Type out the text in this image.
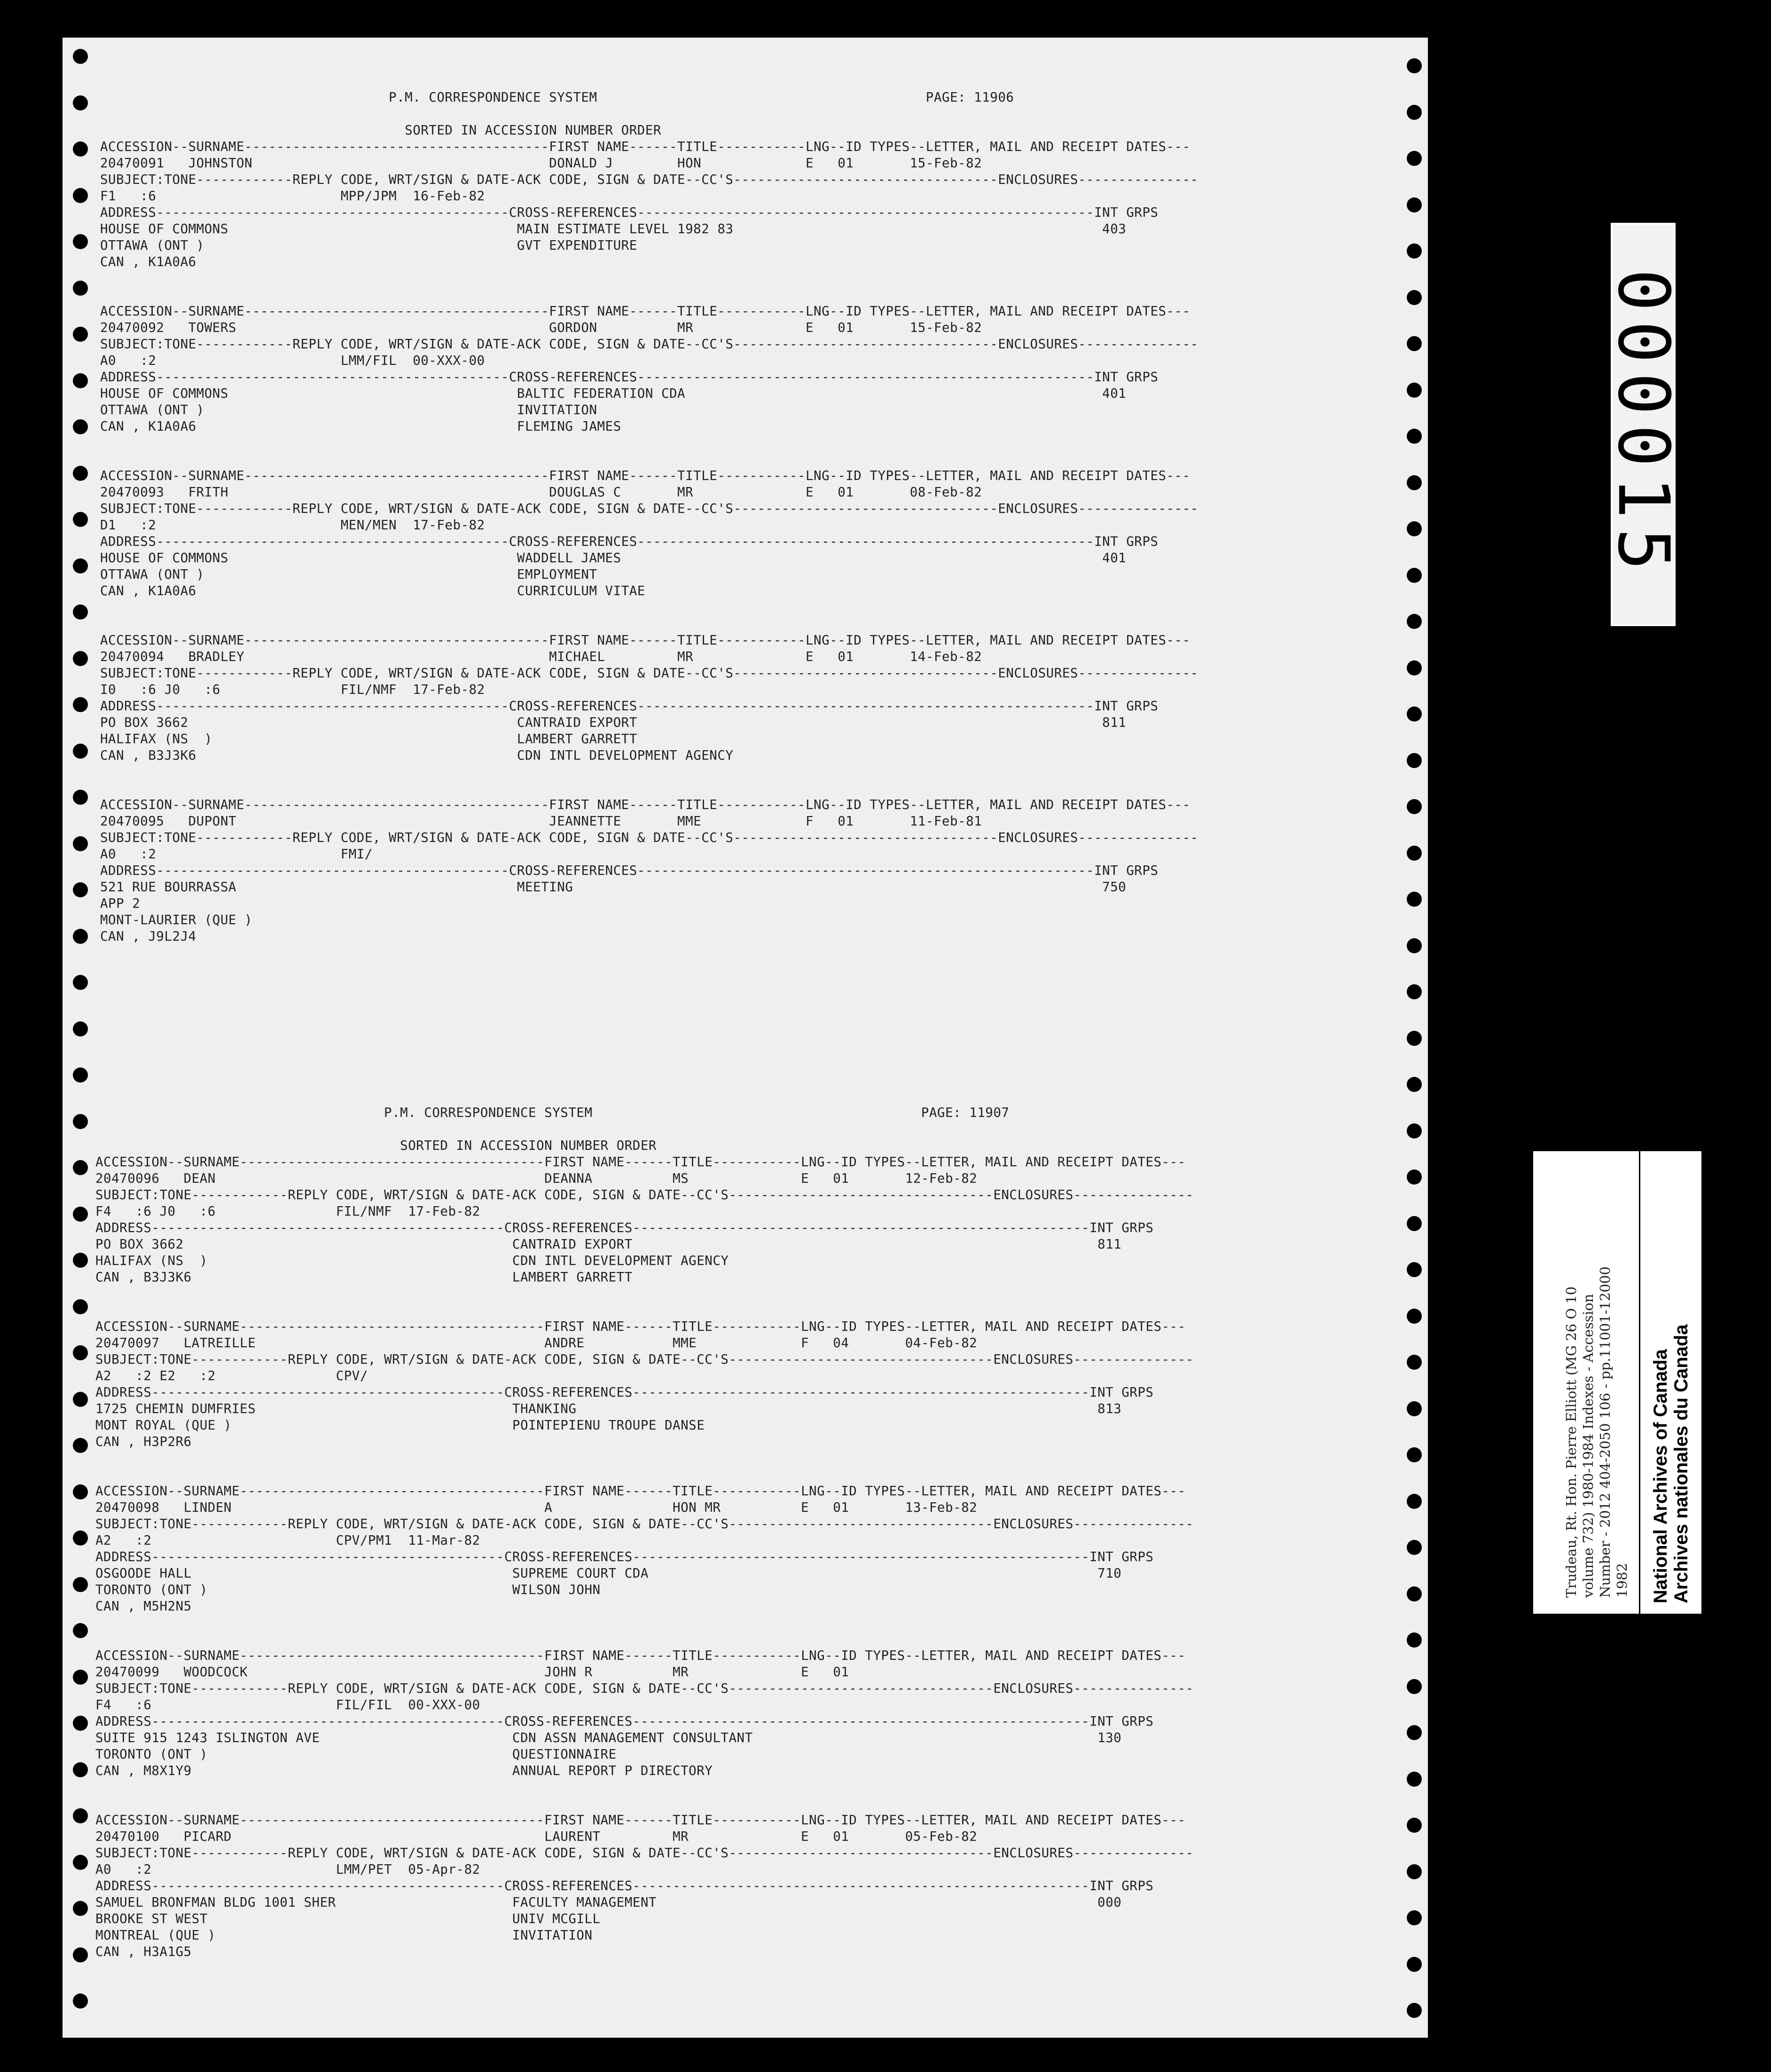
P.M. CORRESPONDENCE SYSTEM                                         PAGE: 11906
SORTED IN ACCESSION NUMBER ORDER
ACCESSION--SURNAME--------------------------------------FIRST NAME------TITLE-----------LNG--ID TYPES--LETTER, MAIL AND RECEIPT DATES---
20470091   JOHNSTON                                     DONALD J        HON             E   01       15-Feb-82
SUBJECT:TONE------------REPLY CODE, WRT/SIGN & DATE-ACK CODE, SIGN & DATE--CC'S---------------------------------ENCLOSURES---------------
F1   :6                       MPP/JPM  16-Feb-82
ADDRESS--------------------------------------------CROSS-REFERENCES---------------------------------------------------------INT GRPS
HOUSE OF COMMONS                                    MAIN ESTIMATE LEVEL 1982 83                                              403
OTTAWA (ONT )                                       GVT EXPENDITURE
CAN , K1A0A6
ACCESSION--SURNAME--------------------------------------FIRST NAME------TITLE-----------LNG--ID TYPES--LETTER, MAIL AND RECEIPT DATES---
20470092   TOWERS                                       GORDON          MR              E   01       15-Feb-82
SUBJECT:TONE------------REPLY CODE, WRT/SIGN & DATE-ACK CODE, SIGN & DATE--CC'S---------------------------------ENCLOSURES---------------
A0   :2                       LMM/FIL  00-XXX-00
ADDRESS--------------------------------------------CROSS-REFERENCES---------------------------------------------------------INT GRPS
HOUSE OF COMMONS                                    BALTIC FEDERATION CDA                                                    401
OTTAWA (ONT )                                       INVITATION
CAN , K1A0A6                                        FLEMING JAMES
ACCESSION--SURNAME--------------------------------------FIRST NAME------TITLE-----------LNG--ID TYPES--LETTER, MAIL AND RECEIPT DATES---
20470093   FRITH                                        DOUGLAS C       MR              E   01       08-Feb-82
SUBJECT:TONE------------REPLY CODE, WRT/SIGN & DATE-ACK CODE, SIGN & DATE--CC'S---------------------------------ENCLOSURES---------------
D1   :2                       MEN/MEN  17-Feb-82
ADDRESS--------------------------------------------CROSS-REFERENCES---------------------------------------------------------INT GRPS
HOUSE OF COMMONS                                    WADDELL JAMES                                                            401
OTTAWA (ONT )                                       EMPLOYMENT
CAN , K1A0A6                                        CURRICULUM VITAE
ACCESSION--SURNAME--------------------------------------FIRST NAME------TITLE-----------LNG--ID TYPES--LETTER, MAIL AND RECEIPT DATES---
20470094   BRADLEY                                      MICHAEL         MR              E   01       14-Feb-82
SUBJECT:TONE------------REPLY CODE, WRT/SIGN & DATE-ACK CODE, SIGN & DATE--CC'S---------------------------------ENCLOSURES---------------
I0   :6 J0   :6               FIL/NMF  17-Feb-82
ADDRESS--------------------------------------------CROSS-REFERENCES---------------------------------------------------------INT GRPS
PO BOX 3662                                         CANTRAID EXPORT                                                          811
HALIFAX (NS  )                                      LAMBERT GARRETT
CAN , B3J3K6                                        CDN INTL DEVELOPMENT AGENCY
ACCESSION--SURNAME--------------------------------------FIRST NAME------TITLE-----------LNG--ID TYPES--LETTER, MAIL AND RECEIPT DATES---
20470095   DUPONT                                       JEANNETTE       MME             F   01       11-Feb-81
SUBJECT:TONE------------REPLY CODE, WRT/SIGN & DATE-ACK CODE, SIGN & DATE--CC'S---------------------------------ENCLOSURES---------------
A0   :2                       FMI/
ADDRESS--------------------------------------------CROSS-REFERENCES---------------------------------------------------------INT GRPS
521 RUE BOURRASSA                                   MEETING                                                                  750
APP 2
MONT-LAURIER (QUE )
CAN , J9L2J4
P.M. CORRESPONDENCE SYSTEM                                         PAGE: 11907
SORTED IN ACCESSION NUMBER ORDER
ACCESSION--SURNAME--------------------------------------FIRST NAME------TITLE-----------LNG--ID TYPES--LETTER, MAIL AND RECEIPT DATES---
20470096   DEAN                                         DEANNA          MS              E   01       12-Feb-82
SUBJECT:TONE------------REPLY CODE, WRT/SIGN & DATE-ACK CODE, SIGN & DATE--CC'S---------------------------------ENCLOSURES---------------
F4   :6 J0   :6               FIL/NMF  17-Feb-82
ADDRESS--------------------------------------------CROSS-REFERENCES---------------------------------------------------------INT GRPS
PO BOX 3662                                         CANTRAID EXPORT                                                          811
HALIFAX (NS  )                                      CDN INTL DEVELOPMENT AGENCY
CAN , B3J3K6                                        LAMBERT GARRETT
ACCESSION--SURNAME--------------------------------------FIRST NAME------TITLE-----------LNG--ID TYPES--LETTER, MAIL AND RECEIPT DATES---
20470097   LATREILLE                                    ANDRE           MME             F   04       04-Feb-82
SUBJECT:TONE------------REPLY CODE, WRT/SIGN & DATE-ACK CODE, SIGN & DATE--CC'S---------------------------------ENCLOSURES---------------
A2   :2 E2   :2               CPV/
ADDRESS--------------------------------------------CROSS-REFERENCES---------------------------------------------------------INT GRPS
1725 CHEMIN DUMFRIES                                THANKING                                                                 813
MONT ROYAL (QUE )                                   POINTEPIENU TROUPE DANSE
CAN , H3P2R6
ACCESSION--SURNAME--------------------------------------FIRST NAME------TITLE-----------LNG--ID TYPES--LETTER, MAIL AND RECEIPT DATES---
20470098   LINDEN                                       A               HON MR          E   01       13-Feb-82
SUBJECT:TONE------------REPLY CODE, WRT/SIGN & DATE-ACK CODE, SIGN & DATE--CC'S---------------------------------ENCLOSURES---------------
A2   :2                       CPV/PM1  11-Mar-82
ADDRESS--------------------------------------------CROSS-REFERENCES---------------------------------------------------------INT GRPS
OSGOODE HALL                                        SUPREME COURT CDA                                                        710
TORONTO (ONT )                                      WILSON JOHN
CAN , M5H2N5
ACCESSION--SURNAME--------------------------------------FIRST NAME------TITLE-----------LNG--ID TYPES--LETTER, MAIL AND RECEIPT DATES---
20470099   WOODCOCK                                     JOHN R          MR              E   01
SUBJECT:TONE------------REPLY CODE, WRT/SIGN & DATE-ACK CODE, SIGN & DATE--CC'S---------------------------------ENCLOSURES---------------
F4   :6                       FIL/FIL  00-XXX-00
ADDRESS--------------------------------------------CROSS-REFERENCES---------------------------------------------------------INT GRPS
SUITE 915 1243 ISLINGTON AVE                        CDN ASSN MANAGEMENT CONSULTANT                                           130
TORONTO (ONT )                                      QUESTIONNAIRE
CAN , M8X1Y9                                        ANNUAL REPORT P DIRECTORY
ACCESSION--SURNAME--------------------------------------FIRST NAME------TITLE-----------LNG--ID TYPES--LETTER, MAIL AND RECEIPT DATES---
20470100   PICARD                                       LAURENT         MR              E   01       05-Feb-82
SUBJECT:TONE------------REPLY CODE, WRT/SIGN & DATE-ACK CODE, SIGN & DATE--CC'S---------------------------------ENCLOSURES---------------
A0   :2                       LMM/PET  05-Apr-82
ADDRESS--------------------------------------------CROSS-REFERENCES---------------------------------------------------------INT GRPS
SAMUEL BRONFMAN BLDG 1001 SHER                      FACULTY MANAGEMENT                                                       000
BROOKE ST WEST                                      UNIV MCGILL
MONTREAL (QUE )                                     INVITATION
CAN , H3A1G5
000015
Trudeau, Rt. Hon. Pierre Elliott (MG 26 O 10
volume 732) 1980-1984 Indexes - Accession
Number - 2012 404-2050 106 - pp.11001-12000
1982 National Archives of Canada
Archives nationales du Canada
